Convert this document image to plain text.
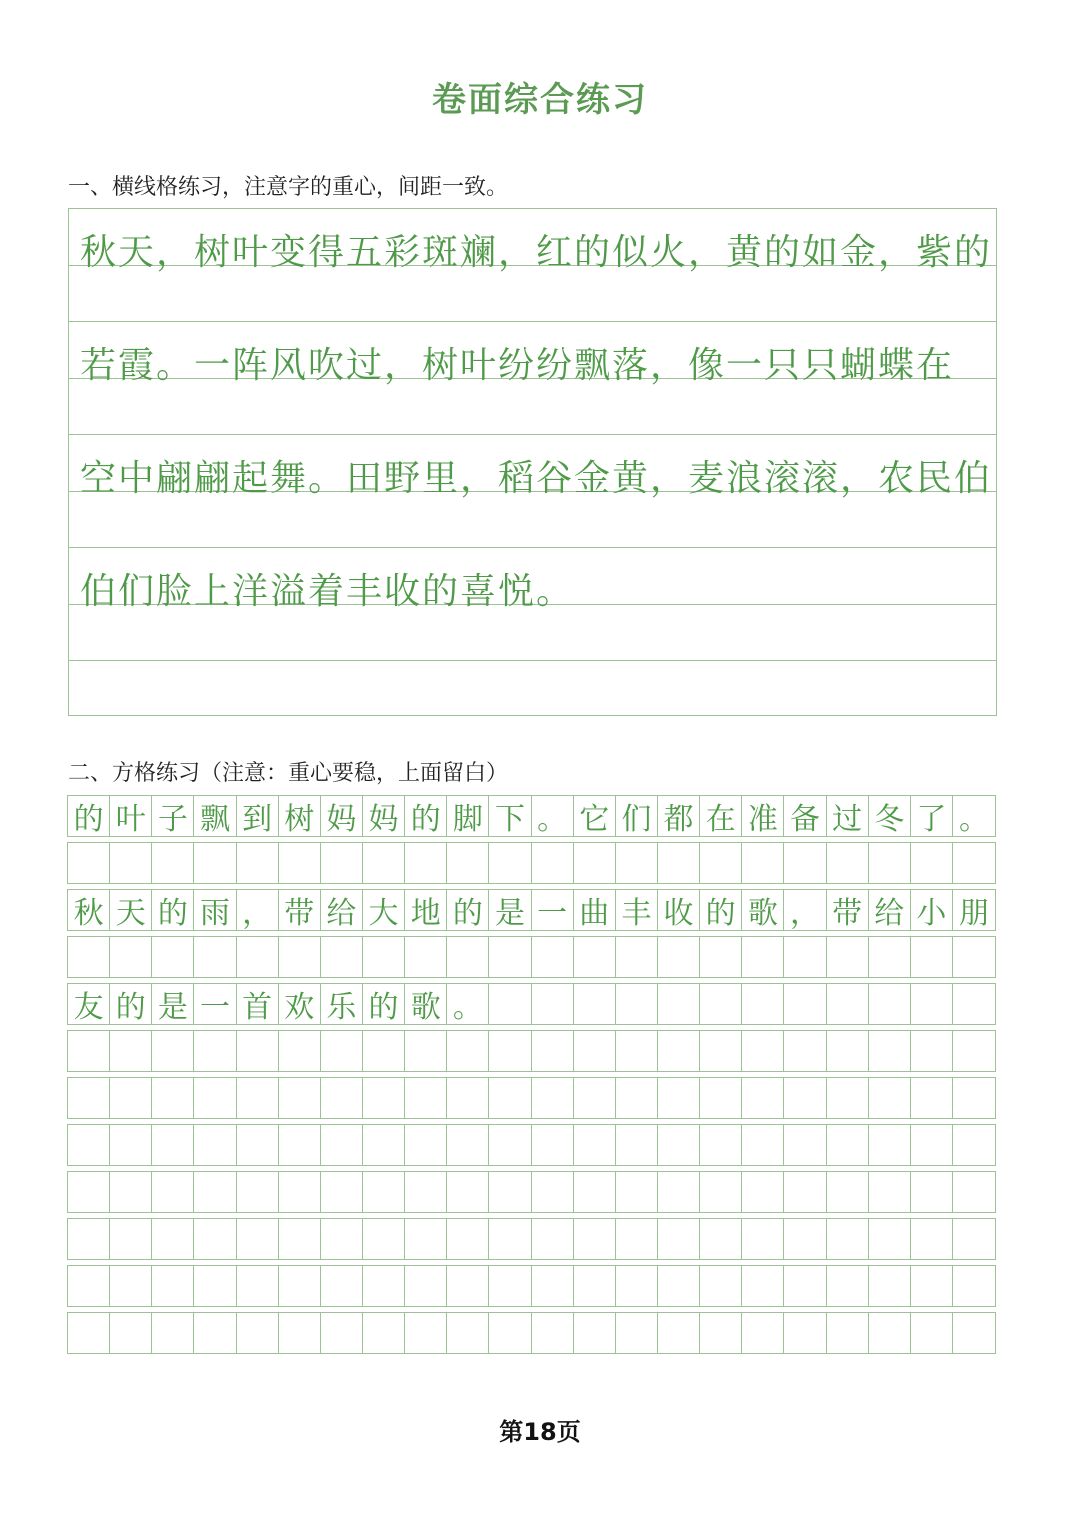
卷面综合练习
一、横线格练习，注意字的重心，间距一致。
秋天，树叶变得五彩斑斓，红的似火，黄的如金，紫的
若霞。一阵风吹过，树叶纷纷飘落，像一只只蝴蝶在
空中翩翩起舞。田野里，稻谷金黄，麦浪滚滚，农民伯
伯们脸上洋溢着丰收的喜悦。
二、方格练习（注意：重心要稳，上面留白）
的 叶 子 飘 到 树 妈 妈 的 脚 下 。 它 们 都 在 准 备 过 冬 了 。
秋 天 的 雨 ， 带 给 大 地 的 是 一 曲 丰 收 的 歌 ， 带 给 小 朋
友 的 是 一 首 欢 乐 的 歌 。
第18页
